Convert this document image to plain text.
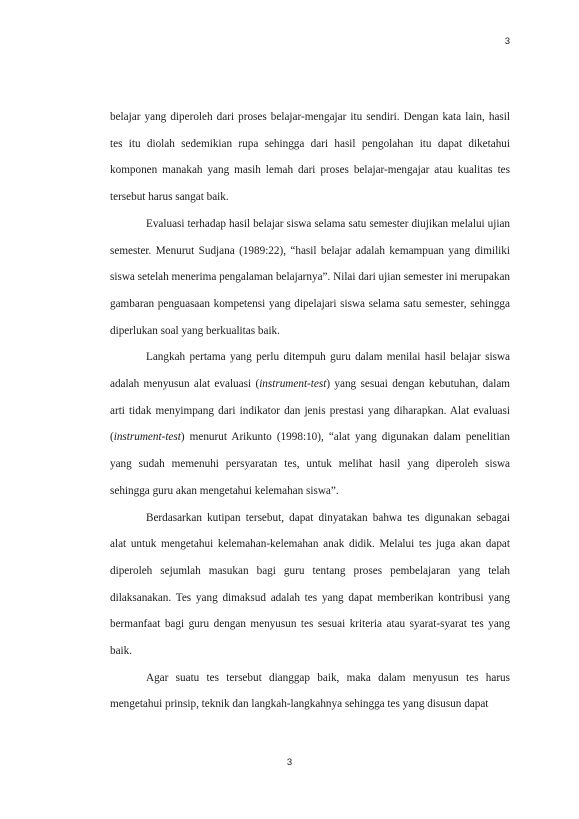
3

belajar yang diperoleh dari proses belajar-mengajar itu sendiri. Dengan kata lain, hasil tes itu diolah sedemikian rupa sehingga dari hasil pengolahan itu dapat diketahui komponen manakah yang masih lemah dari proses belajar-mengajar atau kualitas tes tersebut harus sangat baik.

Evaluasi terhadap hasil belajar siswa selama satu semester diujikan melalui ujian semester. Menurut Sudjana (1989:22), “hasil belajar adalah kemampuan yang dimiliki siswa setelah menerima pengalaman belajarnya”. Nilai dari ujian semester ini merupakan gambaran penguasaan kompetensi yang dipelajari siswa selama satu semester, sehingga diperlukan soal yang berkualitas baik.

Langkah pertama yang perlu ditempuh guru dalam menilai hasil belajar siswa adalah menyusun alat evaluasi (instrument-test) yang sesuai dengan kebutuhan, dalam arti tidak menyimpang dari indikator dan jenis prestasi yang diharapkan. Alat evaluasi (instrument-test) menurut Arikunto (1998:10), “alat yang digunakan dalam penelitian yang sudah memenuhi persyaratan tes, untuk melihat hasil yang diperoleh siswa sehingga guru akan mengetahui kelemahan siswa”.

Berdasarkan kutipan tersebut, dapat dinyatakan bahwa tes digunakan sebagai alat untuk mengetahui kelemahan-kelemahan anak didik. Melalui tes juga akan dapat diperoleh sejumlah masukan bagi guru tentang proses pembelajaran yang telah dilaksanakan. Tes yang dimaksud adalah tes yang dapat memberikan kontribusi yang bermanfaat bagi guru dengan menyusun tes sesuai kriteria atau syarat-syarat tes yang baik.

Agar suatu tes tersebut dianggap baik, maka dalam menyusun tes harus mengetahui prinsip, teknik dan langkah-langkahnya sehingga tes yang disusun dapat

3
